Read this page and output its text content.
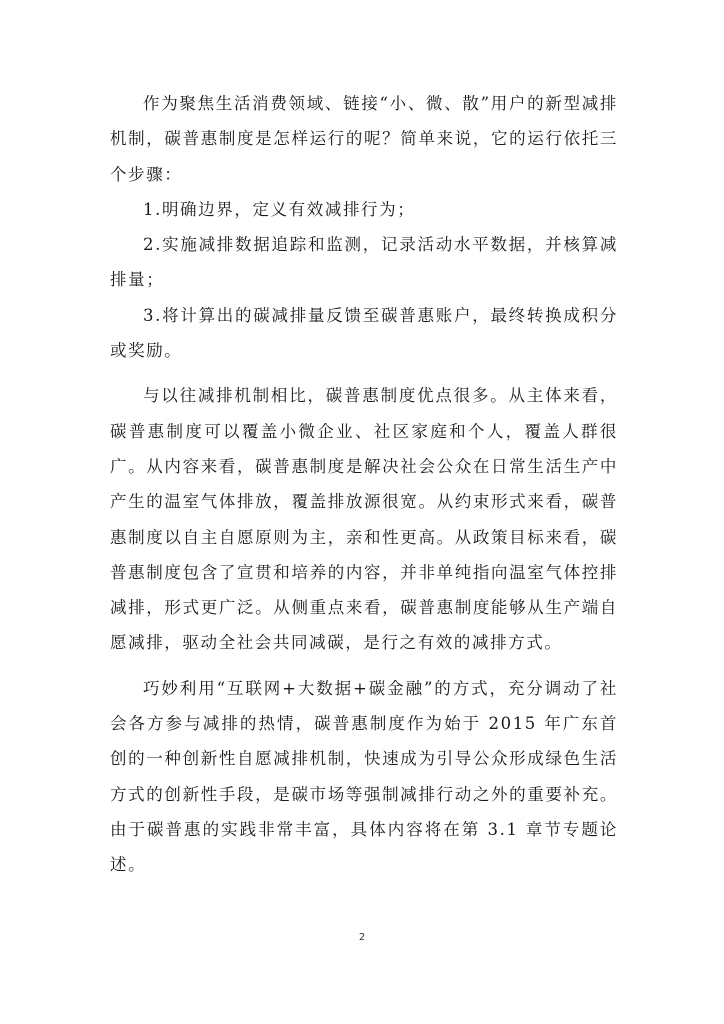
作为聚焦生活消费领域、链接“小、微、散”用户的新型减排机制，碳普惠制度是怎样运行的呢？简单来说，它的运行依托三个步骤：

1.明确边界，定义有效减排行为；

2.实施减排数据追踪和监测，记录活动水平数据，并核算减排量；

3.将计算出的碳减排量反馈至碳普惠账户，最终转换成积分或奖励。

与以往减排机制相比，碳普惠制度优点很多。从主体来看，碳普惠制度可以覆盖小微企业、社区家庭和个人，覆盖人群很广。从内容来看，碳普惠制度是解决社会公众在日常生活生产中产生的温室气体排放，覆盖排放源很宽。从约束形式来看，碳普惠制度以自主自愿原则为主，亲和性更高。从政策目标来看，碳普惠制度包含了宣贯和培养的内容，并非单纯指向温室气体控排减排，形式更广泛。从侧重点来看，碳普惠制度能够从生产端自愿减排，驱动全社会共同减碳，是行之有效的减排方式。

巧妙利用“互联网+大数据+碳金融”的方式，充分调动了社会各方参与减排的热情，碳普惠制度作为始于 2015 年广东首创的一种创新性自愿减排机制，快速成为引导公众形成绿色生活方式的创新性手段，是碳市场等强制减排行动之外的重要补充。由于碳普惠的实践非常丰富，具体内容将在第 3.1 章节专题论述。

2
